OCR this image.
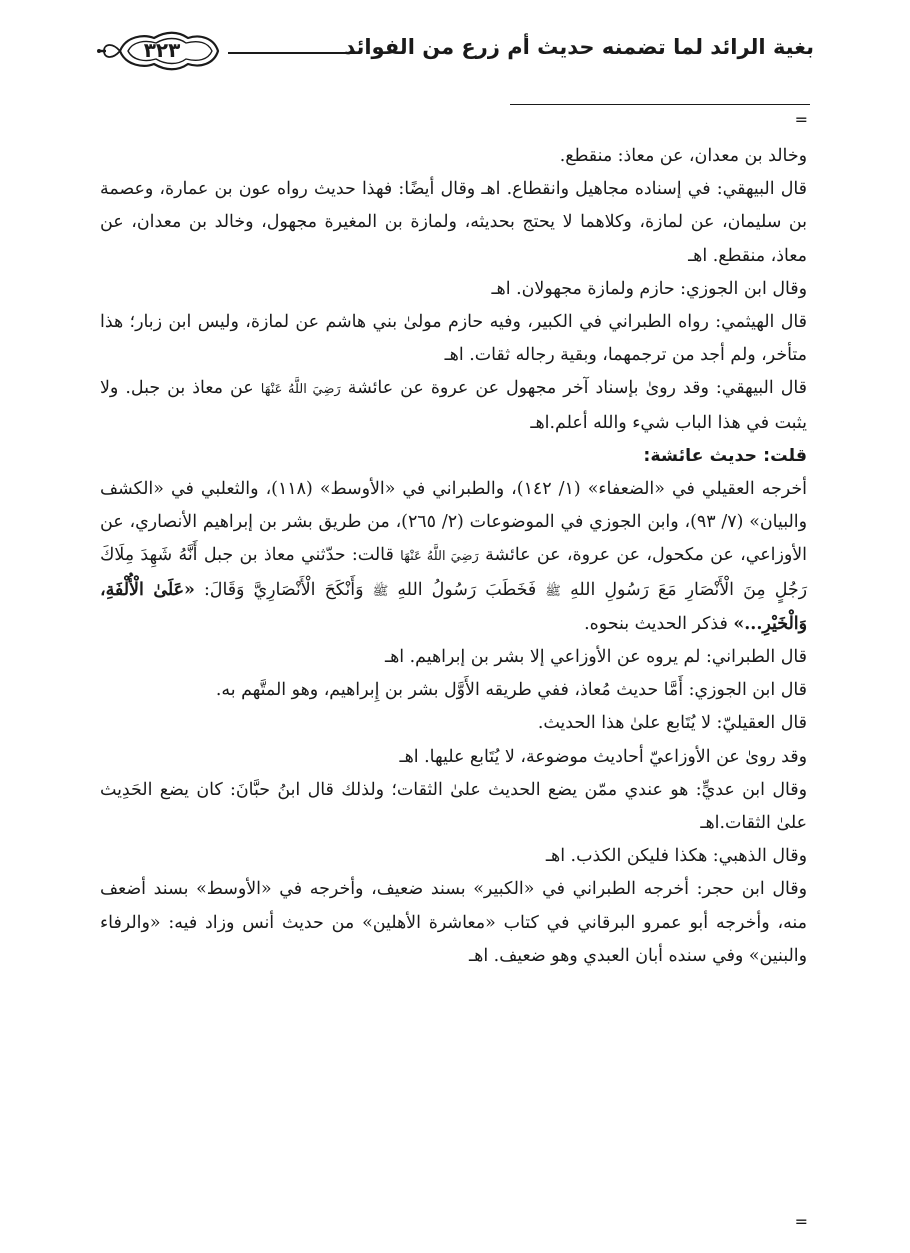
٣٢٣	بغية الرائد لما تضمنه حديث أم زرع من الفوائد
=

وخالد بن معدان، عن معاذ: منقطع.

قال البيهقي: في إسناده مجاهيل وانقطاع. اهـ وقال أيضًا: فهذا حديث رواه عون بن عمارة، وعصمة بن سليمان، عن لمازة، وكلاهما لا يحتج بحديثه، ولمازة بن المغيرة مجهول، وخالد بن معدان، عن معاذ، منقطع. اهـ

وقال ابن الجوزي: حازم ولمازة مجهولان. اهـ

قال الهيثمي: رواه الطبراني في الكبير، وفيه حازم مولىٰ بني هاشم عن لمازة، وليس ابن زبار؛ هذا متأخر، ولم أجد من ترجمهما، وبقية رجاله ثقات. اهـ

قال البيهقي: وقد روىٰ بإسناد آخر مجهول عن عروة عن عائشة رَضِيَ اللَّهُ عَنْهَا عن معاذ بن جبل. ولا يثبت في هذا الباب شيء والله أعلم.اهـ

قلت: حديث عائشة:

أخرجه العقيلي في «الضعفاء» (١/ ١٤٢)، والطبراني في «الأوسط» (١١٨)، والثعلبي في «الكشف والبيان» (٧/ ٩٣)، وابن الجوزي في الموضوعات (٢/ ٢٦٥)، من طريق بشر بن إبراهيم الأنصاري، عن الأوزاعي، عن مكحول، عن عروة، عن عائشة رَضِيَ اللَّهُ عَنْهَا قالت: حدّثني معاذ بن جبل أَنَّهُ شَهِدَ مِلَاكَ رَجُلٍ مِنَ الْأَنْصَارِ مَعَ رَسُولِ اللهِ ﷺ فَخَطَبَ رَسُولُ اللهِ ﷺ وَأَنْكَحَ الْأَنْصَارِيَّ وَقَالَ: «عَلَىٰ الْأُلْفَةِ، وَالْخَيْرِ...» فذكر الحديث بنحوه.

قال الطبراني: لم يروه عن الأوزاعي إلا بشر بن إبراهيم. اهـ

قال ابن الجوزي: أَمَّا حديث مُعاذ، ففي طريقه الأَوَّل بشر بن إِبراهيم، وهو المتَّهم به.

قال العقيليّ: لا يُتَابع علىٰ هذا الحديث.

وقد روىٰ عن الأوزاعيّ أحاديث موضوعة، لا يُتَابع عليها. اهـ

وقال ابن عديٍّ: هو عندي ممّن يضع الحديث علىٰ الثقات؛ ولذلك قال ابنُ حبَّانَ: كان يضع الحَدِيث علىٰ الثقات.اهـ

وقال الذهبي: هكذا فليكن الكذب. اهـ

وقال ابن حجر: أخرجه الطبراني في «الكبير» بسند ضعيف، وأخرجه في «الأوسط» بسند أضعف منه، وأخرجه أبو عمرو البرقاني في كتاب «معاشرة الأهلين» من حديث أنس وزاد فيه: «والرفاء والبنين» وفي سنده أبان العبدي وهو ضعيف. اهـ

=
